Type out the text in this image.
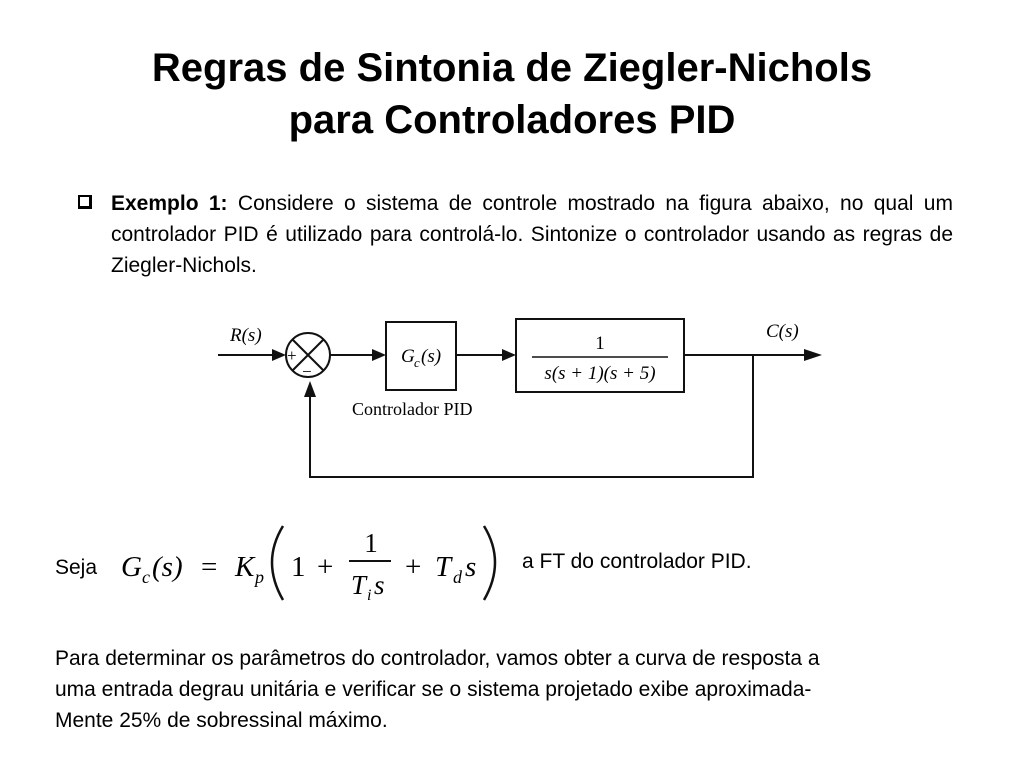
Regras de Sintonia de Ziegler-Nichols
para Controladores PID
Exemplo 1: Considere o sistema de controle mostrado na figura abaixo, no qual um controlador PID é utilizado para controlá-lo. Sintonize o controlador usando as regras de Ziegler-Nichols.
R(s)	C(s)
+
−
G c (s)
Controlador PID
1
s(s + 1)(s + 5)
Seja G c (s) = K p 1 +
1
T i s
+ T d s a FT do controlador PID.
Para determinar os parâmetros do controlador, vamos obter a curva de resposta a
uma entrada degrau unitária e verificar se o sistema projetado exibe aproximada-
Mente 25% de sobressinal máximo.
